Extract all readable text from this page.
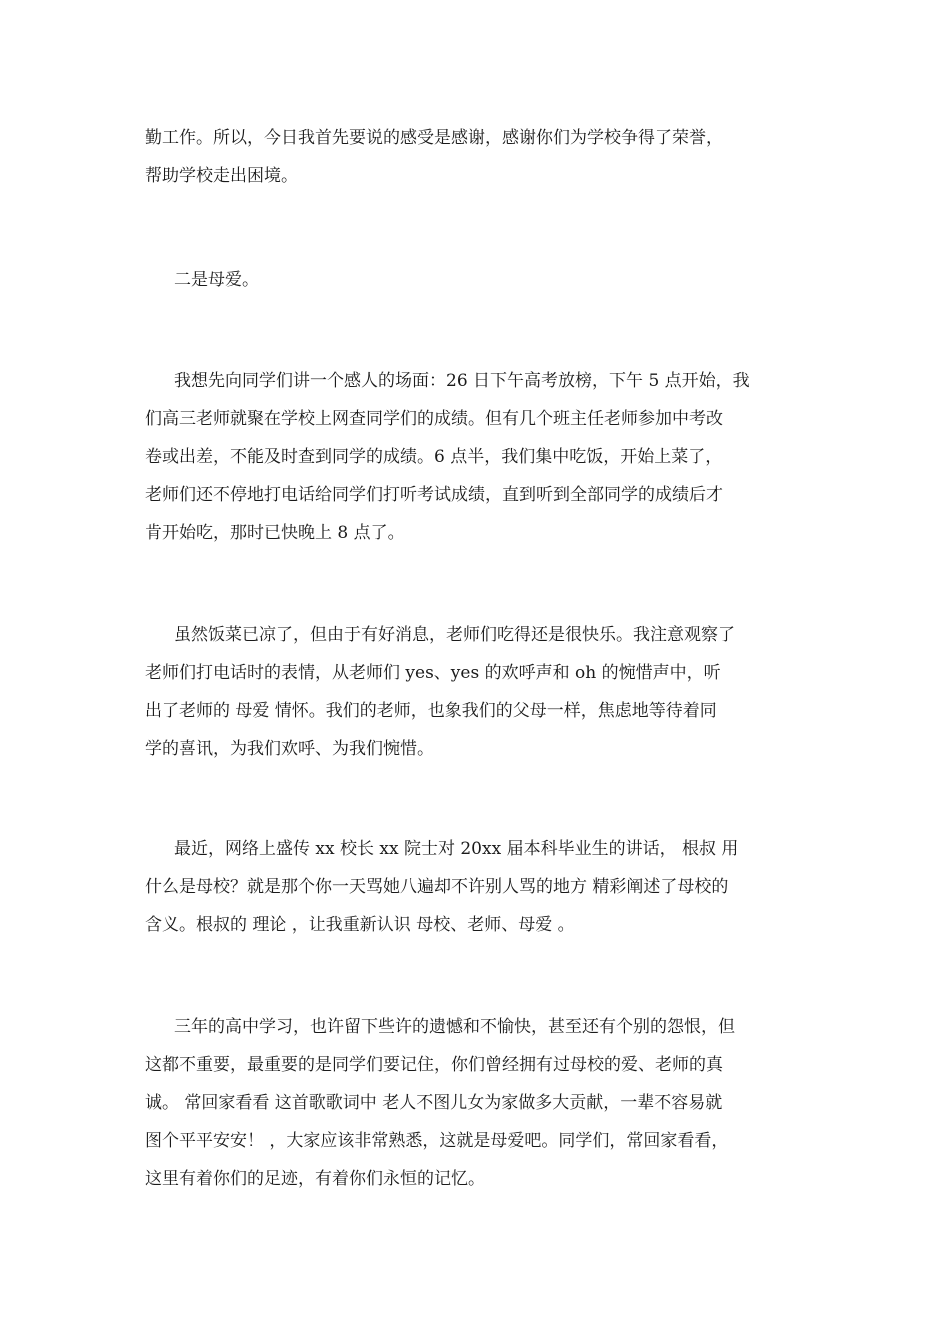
勤工作。所以，今日我首先要说的感受是感谢，感谢你们为学校争得了荣誉，
帮助学校走出困境。

二是母爱。

我想先向同学们讲一个感人的场面：26 日下午高考放榜，下午 5 点开始，我
们高三老师就聚在学校上网查同学们的成绩。但有几个班主任老师参加中考改
卷或出差，不能及时查到同学的成绩。6 点半，我们集中吃饭，开始上菜了，
老师们还不停地打电话给同学们打听考试成绩，直到听到全部同学的成绩后才
肯开始吃，那时已快晚上 8 点了。

虽然饭菜已凉了，但由于有好消息，老师们吃得还是很快乐。我注意观察了
老师们打电话时的表情，从老师们 yes、yes 的欢呼声和 oh 的惋惜声中，听
出了老师的 母爱 情怀。我们的老师，也象我们的父母一样，焦虑地等待着同
学的喜讯，为我们欢呼、为我们惋惜。

最近，网络上盛传 xx 校长 xx 院士对 20xx 届本科毕业生的讲话， 根叔 用
什么是母校？就是那个你一天骂她八遍却不许别人骂的地方 精彩阐述了母校的
含义。根叔的 理论 ，让我重新认识 母校、老师、母爱 。

三年的高中学习，也许留下些许的遗憾和不愉快，甚至还有个别的怨恨，但
这都不重要，最重要的是同学们要记住，你们曾经拥有过母校的爱、老师的真
诚。 常回家看看 这首歌歌词中 老人不图儿女为家做多大贡献，一辈不容易就
图个平平安安！ ，大家应该非常熟悉，这就是母爱吧。同学们，常回家看看，
这里有着你们的足迹，有着你们永恒的记忆。
